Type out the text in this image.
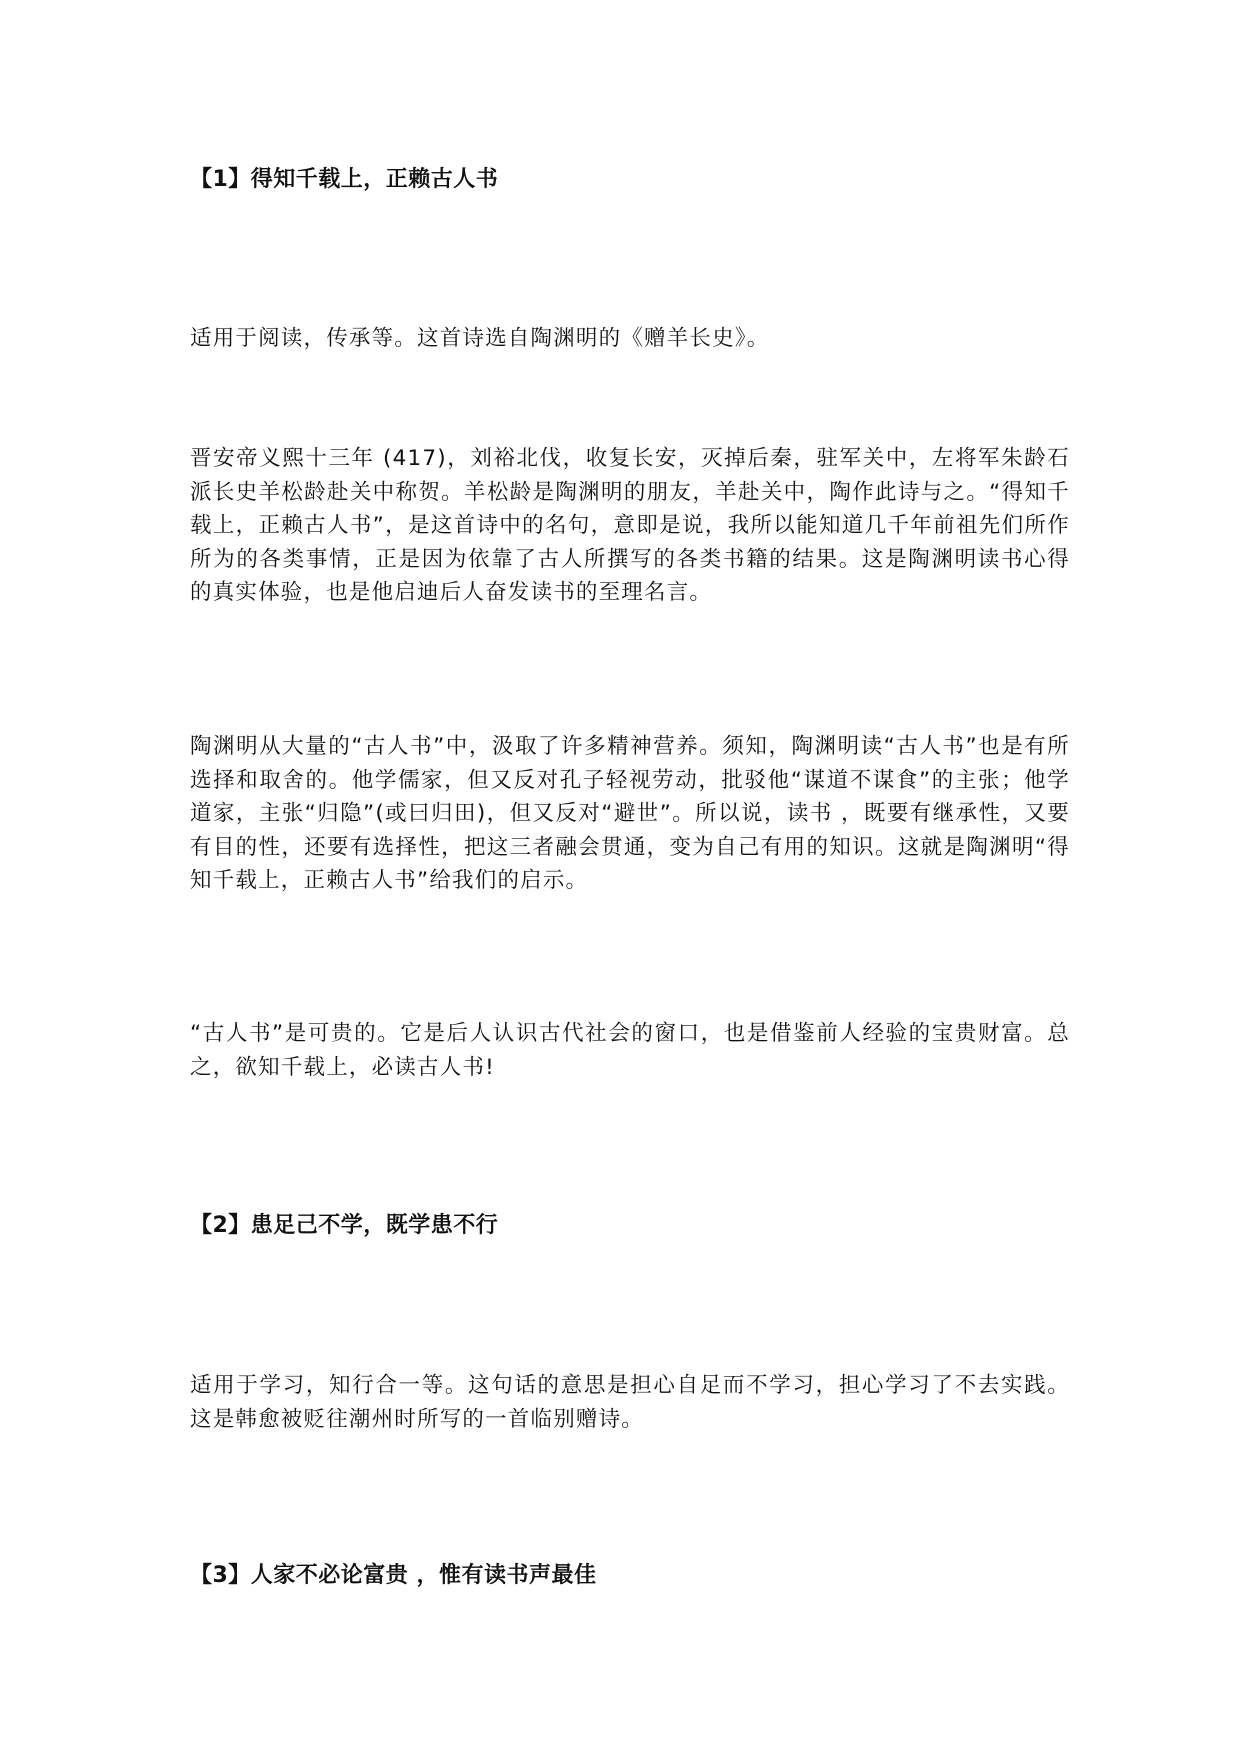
【1】得知千载上，正赖古人书

适用于阅读，传承等。这首诗选自陶渊明的《赠羊长史》。

晋安帝义熙十三年 (417)，刘裕北伐，收复长安，灭掉后秦，驻军关中，左将军朱龄石派长史羊松龄赴关中称贺。羊松龄是陶渊明的朋友，羊赴关中，陶作此诗与之。“得知千载上，正赖古人书”，是这首诗中的名句，意即是说，我所以能知道几千年前祖先们所作所为的各类事情，正是因为依靠了古人所撰写的各类书籍的结果。这是陶渊明读书心得的真实体验，也是他启迪后人奋发读书的至理名言。

陶渊明从大量的“古人书”中，汲取了许多精神营养。须知，陶渊明读“古人书”也是有所选择和取舍的。他学儒家，但又反对孔子轻视劳动，批驳他“谋道不谋食”的主张；他学道家，主张“归隐”(或曰归田)，但又反对“避世”。所以说，读书 ，既要有继承性，又要有目的性，还要有选择性，把这三者融会贯通，变为自己有用的知识。这就是陶渊明“得知千载上，正赖古人书”给我们的启示。

“古人书”是可贵的。它是后人认识古代社会的窗口，也是借鉴前人经验的宝贵财富。总之，欲知千载上，必读古人书!

【2】患足己不学，既学患不行

适用于学习，知行合一等。这句话的意思是担心自足而不学习，担心学习了不去实践。这是韩愈被贬往潮州时所写的一首临别赠诗。

【3】人家不必论富贵 ，惟有读书声最佳
